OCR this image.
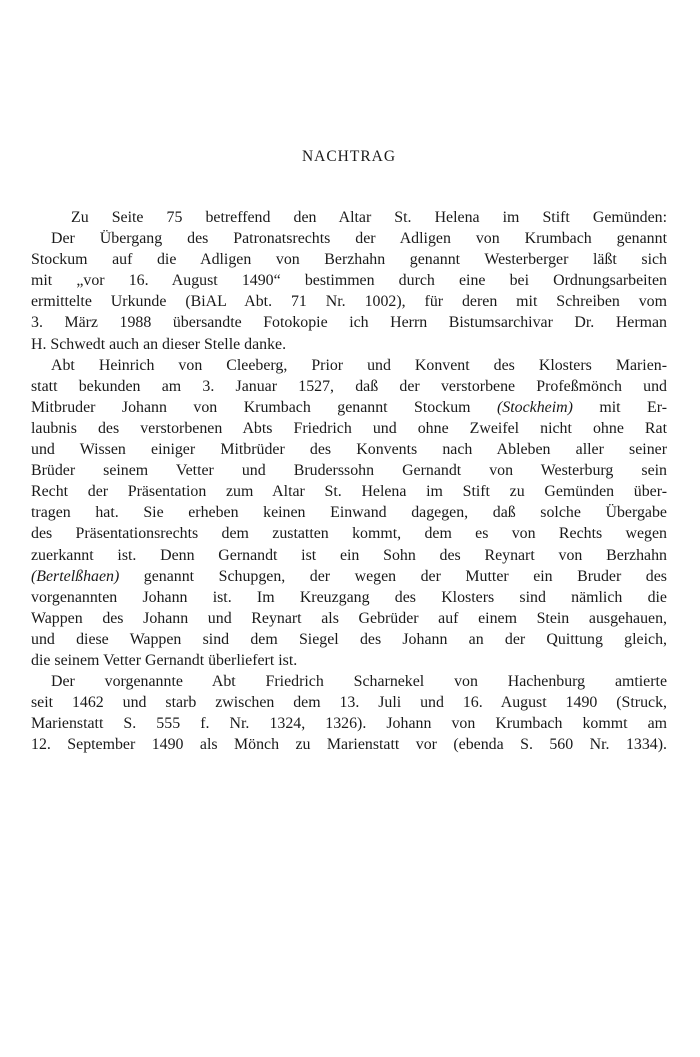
NACHTRAG
Zu Seite 75 betreffend den Altar St. Helena im Stift Gemünden:
Der Übergang des Patronatsrechts der Adligen von Krumbach genannt
Stockum auf die Adligen von Berzhahn genannt Westerberger läßt sich
mit „vor 16. August 1490“ bestimmen durch eine bei Ordnungsarbeiten
ermittelte Urkunde (BiAL Abt. 71 Nr. 1002), für deren mit Schreiben vom
3. März 1988 übersandte Fotokopie ich Herrn Bistumsarchivar Dr. Herman
H. Schwedt auch an dieser Stelle danke.
Abt Heinrich von Cleeberg, Prior und Konvent des Klosters Marien-
statt bekunden am 3. Januar 1527, daß der verstorbene Profeßmönch und
Mitbruder Johann von Krumbach genannt Stockum (Stockheim) mit Er-
laubnis des verstorbenen Abts Friedrich und ohne Zweifel nicht ohne Rat
und Wissen einiger Mitbrüder des Konvents nach Ableben aller seiner
Brüder seinem Vetter und Bruderssohn Gernandt von Westerburg sein
Recht der Präsentation zum Altar St. Helena im Stift zu Gemünden über-
tragen hat. Sie erheben keinen Einwand dagegen, daß solche Übergabe
des Präsentationsrechts dem zustatten kommt, dem es von Rechts wegen
zuerkannt ist. Denn Gernandt ist ein Sohn des Reynart von Berzhahn
(Bertelßhaen) genannt Schupgen, der wegen der Mutter ein Bruder des
vorgenannten Johann ist. Im Kreuzgang des Klosters sind nämlich die
Wappen des Johann und Reynart als Gebrüder auf einem Stein ausgehauen,
und diese Wappen sind dem Siegel des Johann an der Quittung gleich,
die seinem Vetter Gernandt überliefert ist.
Der vorgenannte Abt Friedrich Scharnekel von Hachenburg amtierte
seit 1462 und starb zwischen dem 13. Juli und 16. August 1490 (Struck,
Marienstatt S. 555 f. Nr. 1324, 1326). Johann von Krumbach kommt am
12. September 1490 als Mönch zu Marienstatt vor (ebenda S. 560 Nr. 1334).
